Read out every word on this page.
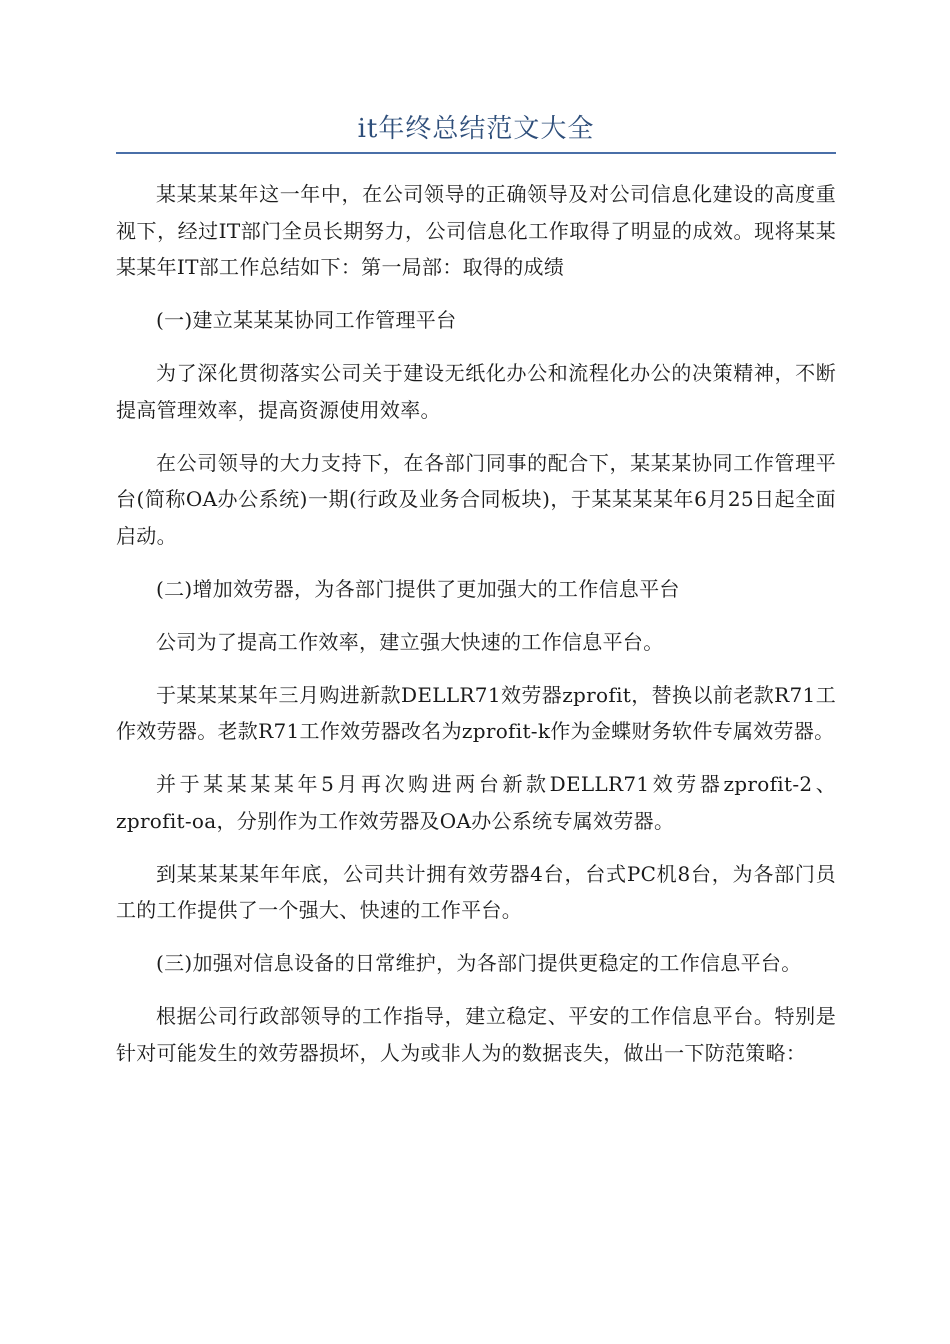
it年终总结范文大全

某某某某年这一年中，在公司领导的正确领导及对公司信息化建设的高度重视下，经过IT部门全员长期努力，公司信息化工作取得了明显的成效。现将某某某某年IT部工作总结如下：第一局部：取得的成绩

(一)建立某某某协同工作管理平台

为了深化贯彻落实公司关于建设无纸化办公和流程化办公的决策精神，不断提高管理效率，提高资源使用效率。

在公司领导的大力支持下，在各部门同事的配合下，某某某协同工作管理平台(简称OA办公系统)一期(行政及业务合同板块)，于某某某某年6月25日起全面启动。

(二)增加效劳器，为各部门提供了更加强大的工作信息平台

公司为了提高工作效率，建立强大快速的工作信息平台。

于某某某某年三月购进新款DELLR71效劳器zprofit，替换以前老款R71工作效劳器。老款R71工作效劳器改名为zprofit-k作为金蝶财务软件专属效劳器。

并于某某某某年5月再次购进两台新款DELLR71效劳器zprofit-2、zprofit-oa，分别作为工作效劳器及OA办公系统专属效劳器。

到某某某某年年底，公司共计拥有效劳器4台，台式PC机8台，为各部门员工的工作提供了一个强大、快速的工作平台。

(三)加强对信息设备的日常维护，为各部门提供更稳定的工作信息平台。

根据公司行政部领导的工作指导，建立稳定、平安的工作信息平台。特别是针对可能发生的效劳器损坏，人为或非人为的数据丧失，做出一下防范策略：
